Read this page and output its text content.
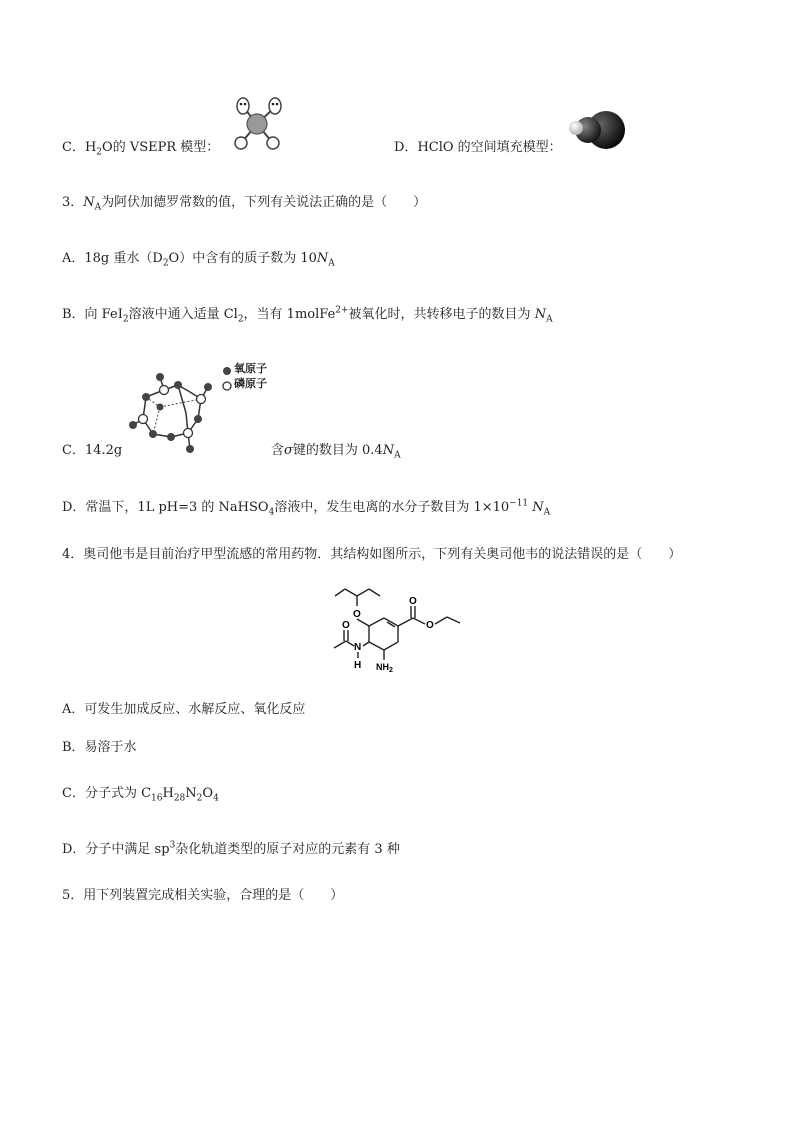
C．$H_2O$的 VSEPR 模型：	D．HClO 的空间填充模型：
3．$N_A$为阿伏加德罗常数的值，下列有关说法正确的是（　　）
A．18g 重水$(D_2O)$中含有的质子数为 $10N_A$
B．向 FeI$_2$溶液中通入适量 $Cl_2$，当有 1molFe$^{2+}$被氧化时，共转移电子的数目为 $N_A$
氧原子
磷原子
C．14.2g	含σ键的数目为 $0.4N_A$
D．常温下，1L pH=3 的 NaHSO$_4$溶液中，发生电离的水分子数目为 $1\times 10^{-11}$ $N_A$
4．奥司他韦是目前治疗甲型流感的常用药物．其结构如图所示，下列有关奥司他韦的说法错误的是（　　）
O
O
O
O
N
H $NH_2$
A．可发生加成反应、水解反应、氧化反应
B．易溶于水
C．分子式为 $C_{16}H_{28}N_2O_4$
D．分子中满足 $sp^3$杂化轨道类型的原子对应的元素有 3 种
5．用下列装置完成相关实验，合理的是（　　）
